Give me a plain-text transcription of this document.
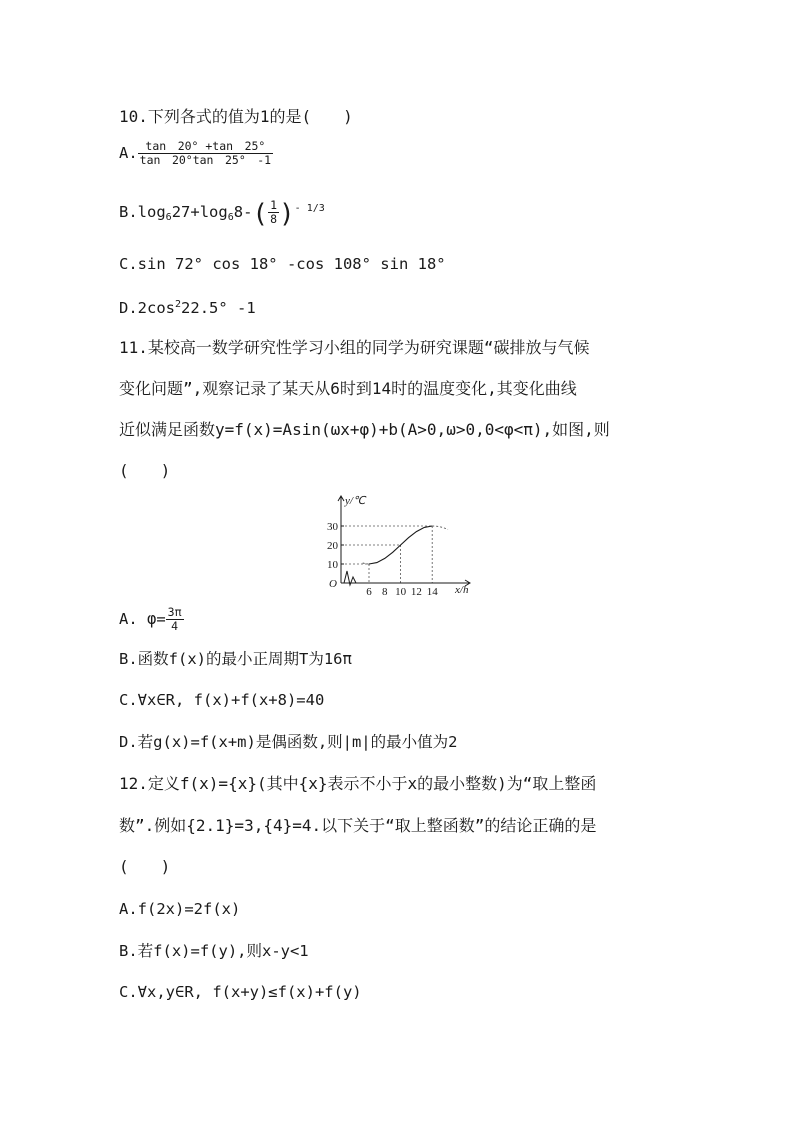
10.下列各式的值为1的是(　　)
A. $\frac{\tan 20^\circ +\tan 25^\circ}{\tan 20^\circ\tan 25^\circ -1}$
$B.\log_627+\log_68-( \frac{1}{8} )^{- 1/3}$
C.sin 72° cos 18° -cos 108° sin 18°
$D.2\cos^222.5^\circ$ -1
11.某校高一数学研究性学习小组的同学为研究课题“碳排放与气候
变化问题”,观察记录了某天从6时到14时的温度变化,其变化曲线
近似满足函数y=f(x)=Asin(ωx+φ)+b(A>0,ω>0,0<φ<π),如图,则
(　　)
10
20
30
6 8 10 12 14
y/℃
x/h
O
A. $\varphi= \frac{3\pi}{4}$
B.函数f(x)的最小正周期T为16π
C.∀x∈R, f(x)+f(x+8)=40
D.若g(x)=f(x+m)是偶函数,则|m|的最小值为2
12.定义f(x)={x}(其中{x}表示不小于x的最小整数)为“取上整函
数”.例如{2.1}=3,{4}=4.以下关于“取上整函数”的结论正确的是
(　　)
A.f(2x)=2f(x)
B.若f(x)=f(y),则x-y<1
C.∀x,y∈R, f(x+y)≤f(x)+f(y)
